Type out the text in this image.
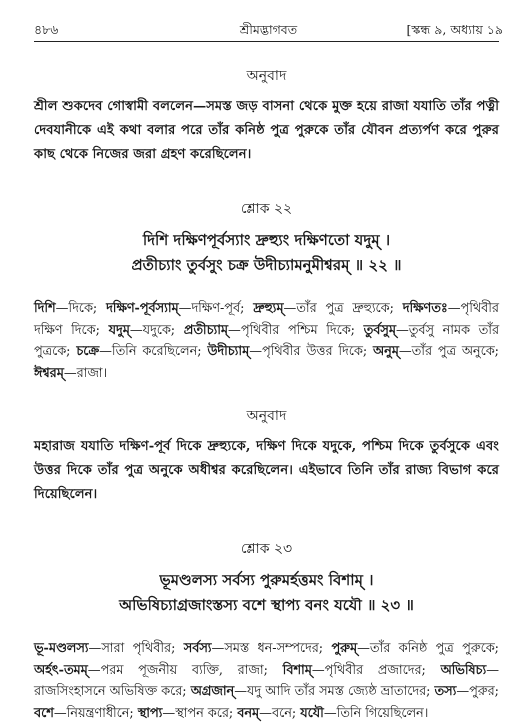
৪৮৬	শ্রীমদ্ভাগবত	[স্কন্ধ ৯, অধ্যায় ১৯
অনুবাদ

শ্রীল শুকদেব গোস্বামী বললেন—সমস্ত জড় বাসনা থেকে মুক্ত হয়ে রাজা যযাতি তাঁর পত্নী দেবযানীকে এই কথা বলার পরে তাঁর কনিষ্ঠ পুত্র পুরুকে তাঁর যৌবন প্রত্যর্পণ করে পুরুর কাছ থেকে নিজের জরা গ্রহণ করেছিলেন।

শ্লোক ২২

দিশি দক্ষিণপূর্বস্যাং দ্রুহ্যুং দক্ষিণতো যদুম্ ।

প্রতীচ্যাং তুর্বসুং চক্র উদীচ্যামনুমীশ্বরম্ ॥ ২২ ॥

দিশি—দিকে; দক্ষিণ-পূর্বস্যাম্—দক্ষিণ-পূর্ব; দ্রুহ্যুম্—তাঁর পুত্র দ্রুহ্যুকে; দক্ষিণতঃ—পৃথিবীর দক্ষিণ দিকে; যদুম্—যদুকে; প্রতীচ্যাম্—পৃথিবীর পশ্চিম দিকে; তুর্বসুম্—তুর্বসু নামক তাঁর পুত্রকে; চক্রে—তিনি করেছিলেন; উদীচ্যাম্—পৃথিবীর উত্তর দিকে; অনুম্—তাঁর পুত্র অনুকে; ঈশ্বরম্—রাজা।

অনুবাদ

মহারাজ যযাতি দক্ষিণ-পূর্ব দিকে দ্রুহ্যুকে, দক্ষিণ দিকে যদুকে, পশ্চিম দিকে তুর্বসুকে এবং উত্তর দিকে তাঁর পুত্র অনুকে অধীশ্বর করেছিলেন। এইভাবে তিনি তাঁর রাজ্য বিভাগ করে দিয়েছিলেন।

শ্লোক ২৩

ভূমণ্ডলস্য সর্বস্য পুরুমর্হত্তমং বিশাম্ ।

অভিষিচ্যাগ্রজাংস্তস্য বশে স্থাপ্য বনং যযৌ ॥ ২৩ ॥

ভূ-মণ্ডলস্য—সারা পৃথিবীর; সর্বস্য—সমস্ত ধন-সম্পদের; পুরুম্—তাঁর কনিষ্ঠ পুত্র পুরুকে; অর্হৎ-তমম্—পরম পূজনীয় ব্যক্তি, রাজা; বিশাম্—পৃথিবীর প্রজাদের; অভিষিচ্য—রাজসিংহাসনে অভিষিক্ত করে; অগ্রজান্—যদু আদি তাঁর সমস্ত জ্যেষ্ঠ ভ্রাতাদের; তস্য—পুরুর; বশে—নিয়ন্ত্রণাধীনে; স্থাপ্য—স্থাপন করে; বনম্—বনে; যযৌ—তিনি গিয়েছিলেন।
